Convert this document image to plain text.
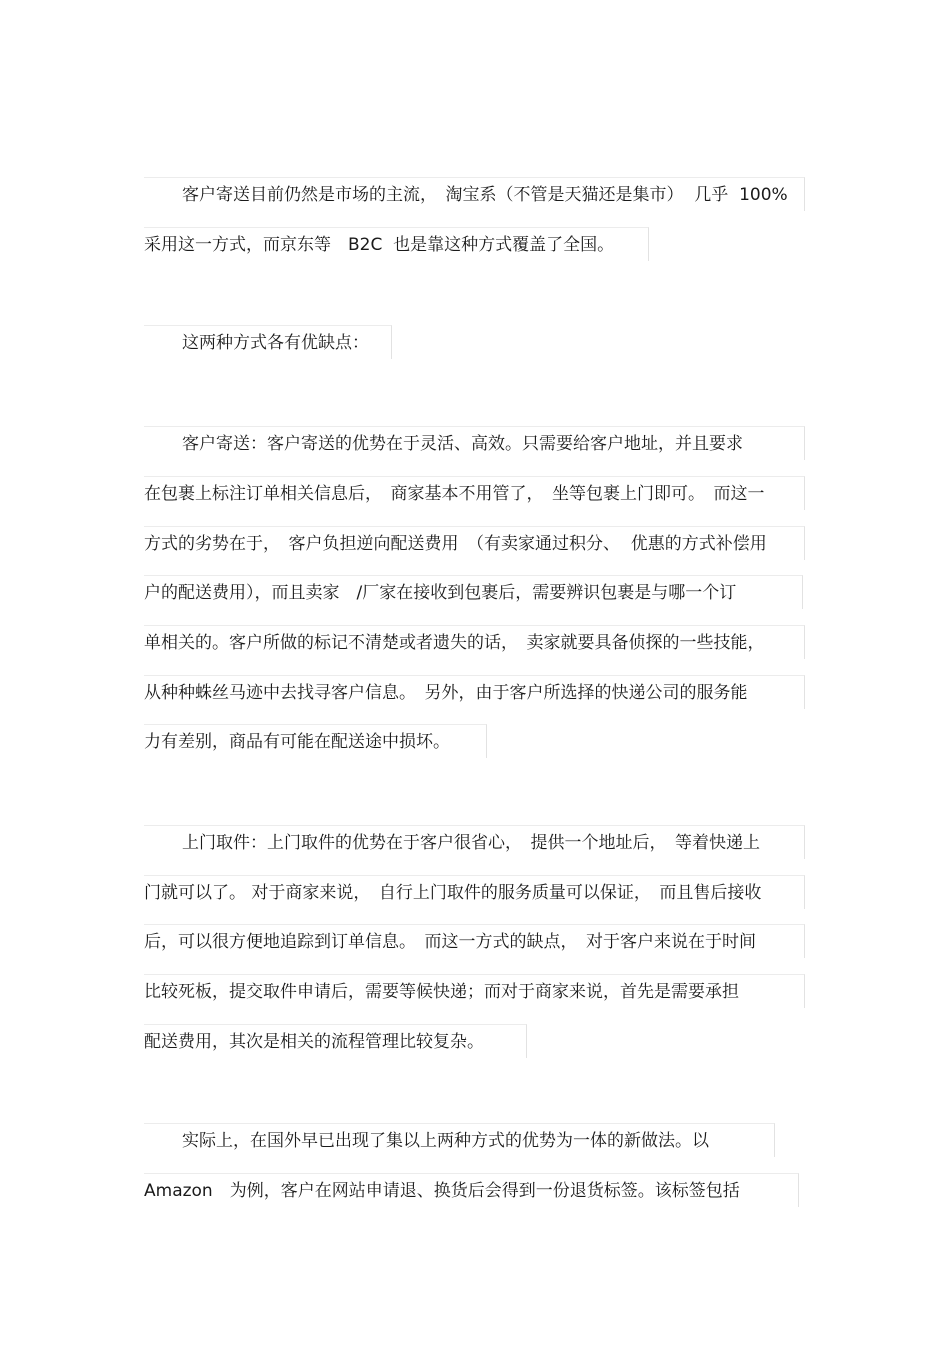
客户寄送目前仍然是市场的主流，　淘宝系（不管是天猫还是集市）  几乎  100%
采用这一方式，而京东等　B2C  也是靠这种方式覆盖了全国。
这两种方式各有优缺点：
客户寄送：客户寄送的优势在于灵活、高效。只需要给客户地址，并且要求
在包裹上标注订单相关信息后，　商家基本不用管了，　坐等包裹上门即可。　而这一
方式的劣势在于，　客户负担逆向配送费用　（有卖家通过积分、  优惠的方式补偿用
户的配送费用），而且卖家　/厂家在接收到包裹后，需要辨识包裹是与哪一个订
单相关的。客户所做的标记不清楚或者遗失的话，　卖家就要具备侦探的一些技能，
从种种蛛丝马迹中去找寻客户信息。　另外，由于客户所选择的快递公司的服务能
力有差别，商品有可能在配送途中损坏。
上门取件：上门取件的优势在于客户很省心，　提供一个地址后，　等着快递上
门就可以了。 对于商家来说，　自行上门取件的服务质量可以保证，　而且售后接收
后，可以很方便地追踪到订单信息。　而这一方式的缺点，　对于客户来说在于时间
比较死板，提交取件申请后，需要等候快递；而对于商家来说，首先是需要承担
配送费用，其次是相关的流程管理比较复杂。
实际上，在国外早已出现了集以上两种方式的优势为一体的新做法。以
Amazon　为例，客户在网站申请退、换货后会得到一份退货标签。该标签包括
